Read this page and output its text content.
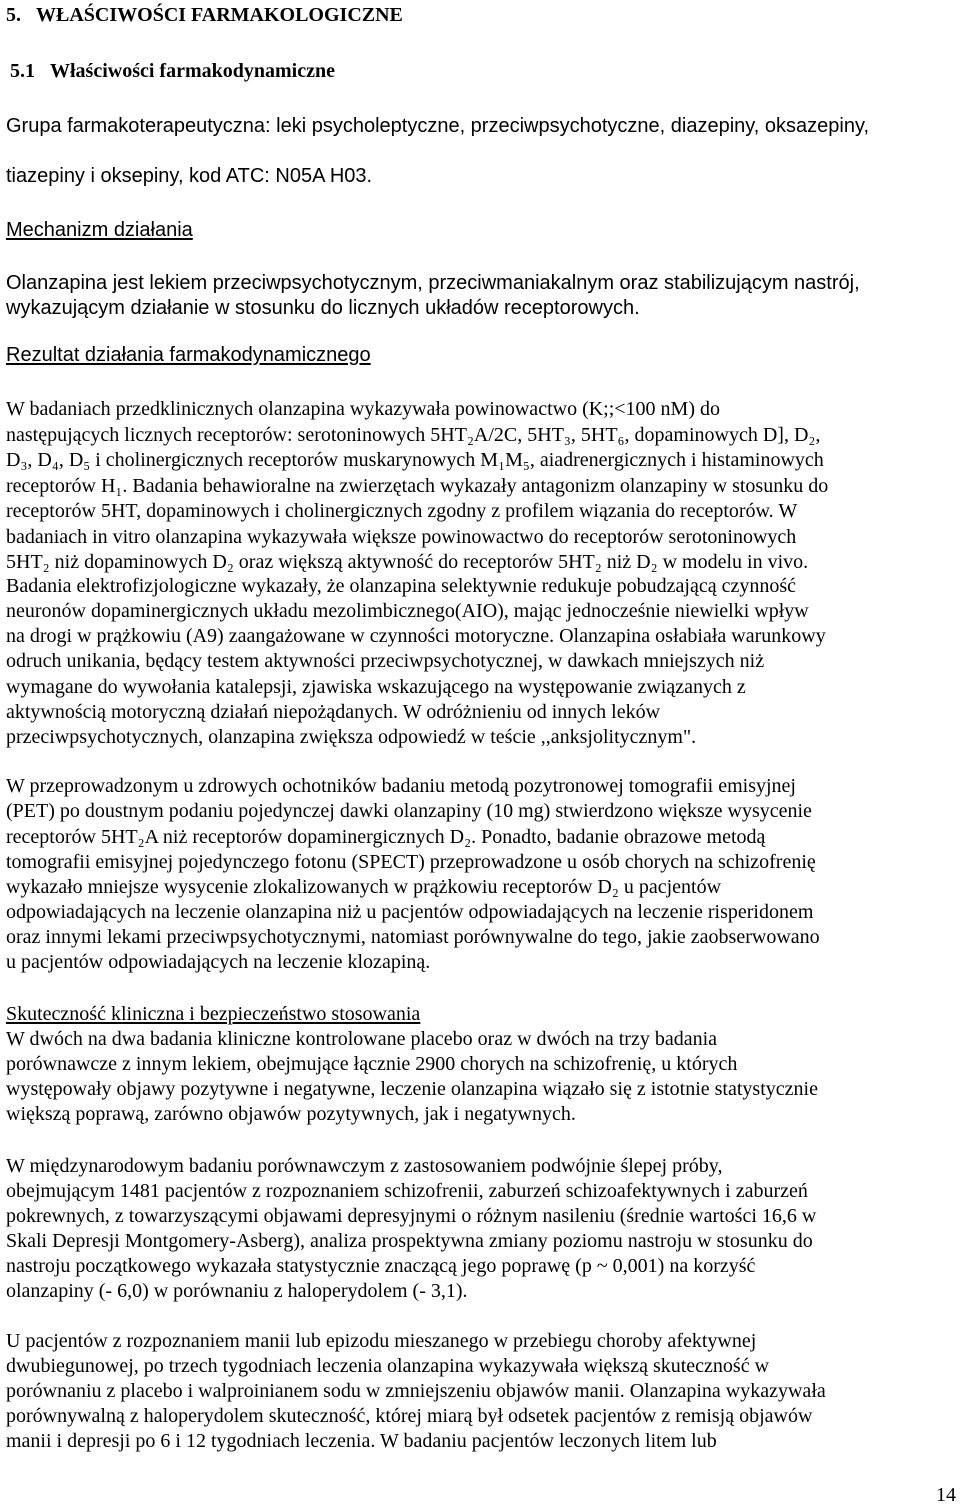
5. WŁAŚCIWOŚCI FARMAKOLOGICZNE
5.1 Właściwości farmakodynamiczne
Grupa farmakoterapeutyczna: leki psycholeptyczne, przeciwpsychotyczne, diazepiny, oksazepiny,
tiazepiny i oksepiny, kod ATC: N05A H03.
Mechanizm działania
Olanzapina jest lekiem przeciwpsychotycznym, przeciwmaniakalnym oraz stabilizującym nastrój,
wykazującym działanie w stosunku do licznych układów receptorowych.
Rezultat działania farmakodynamicznego
W badaniach przedklinicznych olanzapina wykazywała powinowactwo (K;;<100 nM) do
następujących licznych receptorów: serotoninowych 5HT₂A/2C, 5HT₃, 5HT₆, dopaminowych D], D₂,
D₃, D₄, D₅ i cholinergicznych receptorów muskarynowych M₁M₅, aiadrenergicznych i histaminowych
receptorów H₁. Badania behawioralne na zwierzętach wykazały antagonizm olanzapiny w stosunku do
receptorów 5HT, dopaminowych i cholinergicznych zgodny z profilem wiązania do receptorów. W
badaniach in vitro olanzapina wykazywała większe powinowactwo do receptorów serotoninowych
5HT₂ niż dopaminowych D₂ oraz większą aktywność do receptorów 5HT₂ niż D₂ w modelu in vivo.
Badania elektrofizjologiczne wykazały, że olanzapina selektywnie redukuje pobudzającą czynność
neuronów dopaminergicznych układu mezolimbicznego(AIO), mając jednocześnie niewielki wpływ
na drogi w prążkowiu (A9) zaangażowane w czynności motoryczne. Olanzapina osłabiała warunkowy
odruch unikania, będący testem aktywności przeciwpsychotycznej, w dawkach mniejszych niż
wymagane do wywołania katalepsji, zjawiska wskazującego na występowanie związanych z
aktywnością motoryczną działań niepożądanych. W odróżnieniu od innych leków
przeciwpsychotycznych, olanzapina zwiększa odpowiedź w teście ,,anksjolitycznym".
W przeprowadzonym u zdrowych ochotników badaniu metodą pozytronowej tomografii emisyjnej
(PET) po doustnym podaniu pojedynczej dawki olanzapiny (10 mg) stwierdzono większe wysycenie
receptorów 5HT₂A niż receptorów dopaminergicznych D₂. Ponadto, badanie obrazowe metodą
tomografii emisyjnej pojedynczego fotonu (SPECT) przeprowadzone u osób chorych na schizofrenię
wykazało mniejsze wysycenie zlokalizowanych w prążkowiu receptorów D₂ u pacjentów
odpowiadających na leczenie olanzapina niż u pacjentów odpowiadających na leczenie risperidonem
oraz innymi lekami przeciwpsychotycznymi, natomiast porównywalne do tego, jakie zaobserwowano
u pacjentów odpowiadających na leczenie klozapiną.
Skuteczność kliniczna i bezpieczeństwo stosowania
W dwóch na dwa badania kliniczne kontrolowane placebo oraz w dwóch na trzy badania
porównawcze z innym lekiem, obejmujące łącznie 2900 chorych na schizofrenię, u których
występowały objawy pozytywne i negatywne, leczenie olanzapina wiązało się z istotnie statystycznie
większą poprawą, zarówno objawów pozytywnych, jak i negatywnych.
W międzynarodowym badaniu porównawczym z zastosowaniem podwójnie ślepej próby,
obejmującym 1481 pacjentów z rozpoznaniem schizofrenii, zaburzeń schizoafektywnych i zaburzeń
pokrewnych, z towarzyszącymi objawami depresyjnymi o różnym nasileniu (średnie wartości 16,6 w
Skali Depresji Montgomery-Asberg), analiza prospektywna zmiany poziomu nastroju w stosunku do
nastroju początkowego wykazała statystycznie znaczącą jego poprawę (p ~ 0,001) na korzyść
olanzapiny (- 6,0) w porównaniu z haloperydolem (- 3,1).
U pacjentów z rozpoznaniem manii lub epizodu mieszanego w przebiegu choroby afektywnej
dwubiegunowej, po trzech tygodniach leczenia olanzapina wykazywała większą skuteczność w
porównaniu z placebo i walproinianem sodu w zmniejszeniu objawów manii. Olanzapina wykazywała
porównywalną z haloperydolem skuteczność, której miarą był odsetek pacjentów z remisją objawów
manii i depresji po 6 i 12 tygodniach leczenia. W badaniu pacjentów leczonych litem lub
14
